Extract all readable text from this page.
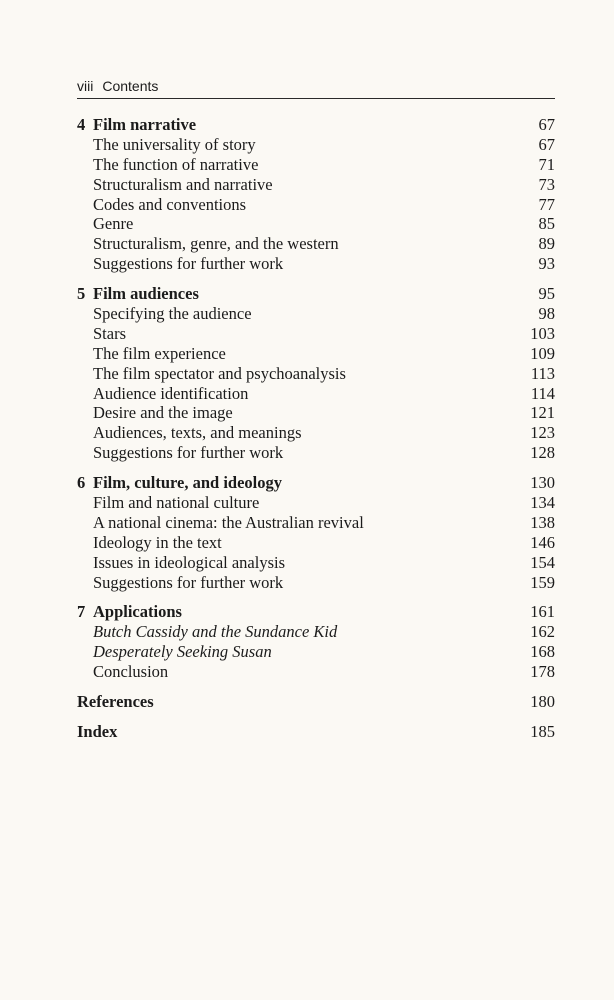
viii Contents
4 Film narrative	67
The universality of story	67
The function of narrative	71
Structuralism and narrative	73
Codes and conventions	77
Genre	85
Structuralism, genre, and the western	89
Suggestions for further work	93
5 Film audiences	95
Specifying the audience	98
Stars	103
The film experience	109
The film spectator and psychoanalysis	113
Audience identification	114
Desire and the image	121
Audiences, texts, and meanings	123
Suggestions for further work	128
6 Film, culture, and ideology	130
Film and national culture	134
A national cinema: the Australian revival	138
Ideology in the text	146
Issues in ideological analysis	154
Suggestions for further work	159
7 Applications	161
Butch Cassidy and the Sundance Kid	162
Desperately Seeking Susan	168
Conclusion	178
References	180
Index	185
